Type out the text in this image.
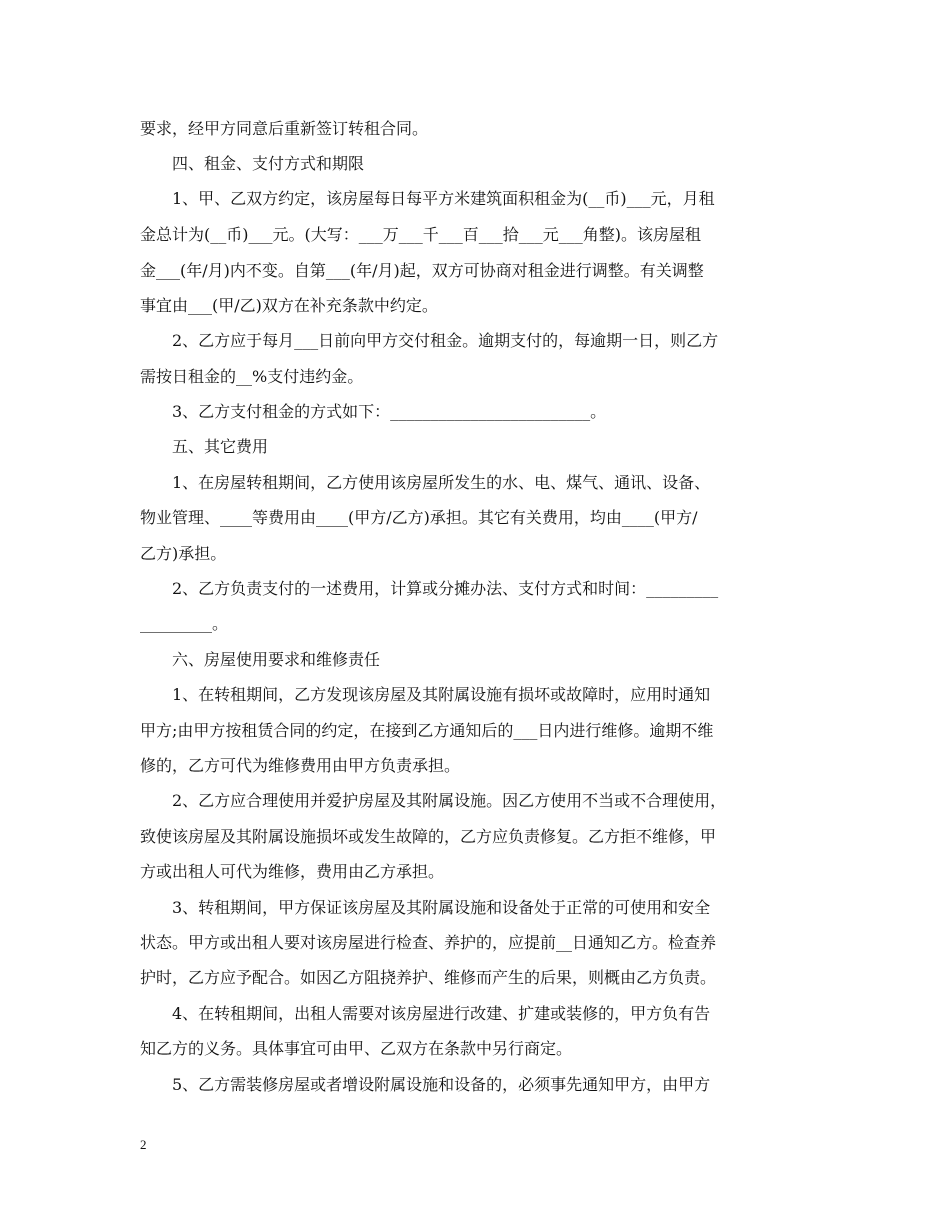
要求，经甲方同意后重新签订转租合同。
四、租金、支付方式和期限
1、甲、乙双方约定，该房屋每日每平方米建筑面积租金为(__币)___元，月租
金总计为(__币)___元。(大写：___万___千___百___拾___元___角整)。该房屋租
金___(年/月)内不变。自第___(年/月)起，双方可协商对租金进行调整。有关调整
事宜由___(甲/乙)双方在补充条款中约定。
2、乙方应于每月___日前向甲方交付租金。逾期支付的，每逾期一日，则乙方
需按日租金的__%支付违约金。
3、乙方支付租金的方式如下：_________________________。
五、其它费用
1、在房屋转租期间，乙方使用该房屋所发生的水、电、煤气、通讯、设备、
物业管理、____等费用由____(甲方/乙方)承担。其它有关费用，均由____(甲方/
乙方)承担。
2、乙方负责支付的一述费用，计算或分摊办法、支付方式和时间：_________
_________。
六、房屋使用要求和维修责任
1、在转租期间，乙方发现该房屋及其附属设施有损坏或故障时，应用时通知
甲方;由甲方按租赁合同的约定，在接到乙方通知后的___日内进行维修。逾期不维
修的，乙方可代为维修费用由甲方负责承担。
2、乙方应合理使用并爱护房屋及其附属设施。因乙方使用不当或不合理使用，
致使该房屋及其附属设施损坏或发生故障的，乙方应负责修复。乙方拒不维修，甲
方或出租人可代为维修，费用由乙方承担。
3、转租期间，甲方保证该房屋及其附属设施和设备处于正常的可使用和安全
状态。甲方或出租人要对该房屋进行检查、养护的，应提前__日通知乙方。检查养
护时，乙方应予配合。如因乙方阻挠养护、维修而产生的后果，则概由乙方负责。
4、在转租期间，出租人需要对该房屋进行改建、扩建或装修的，甲方负有告
知乙方的义务。具体事宜可由甲、乙双方在条款中另行商定。
5、乙方需装修房屋或者增设附属设施和设备的，必须事先通知甲方，由甲方
2
